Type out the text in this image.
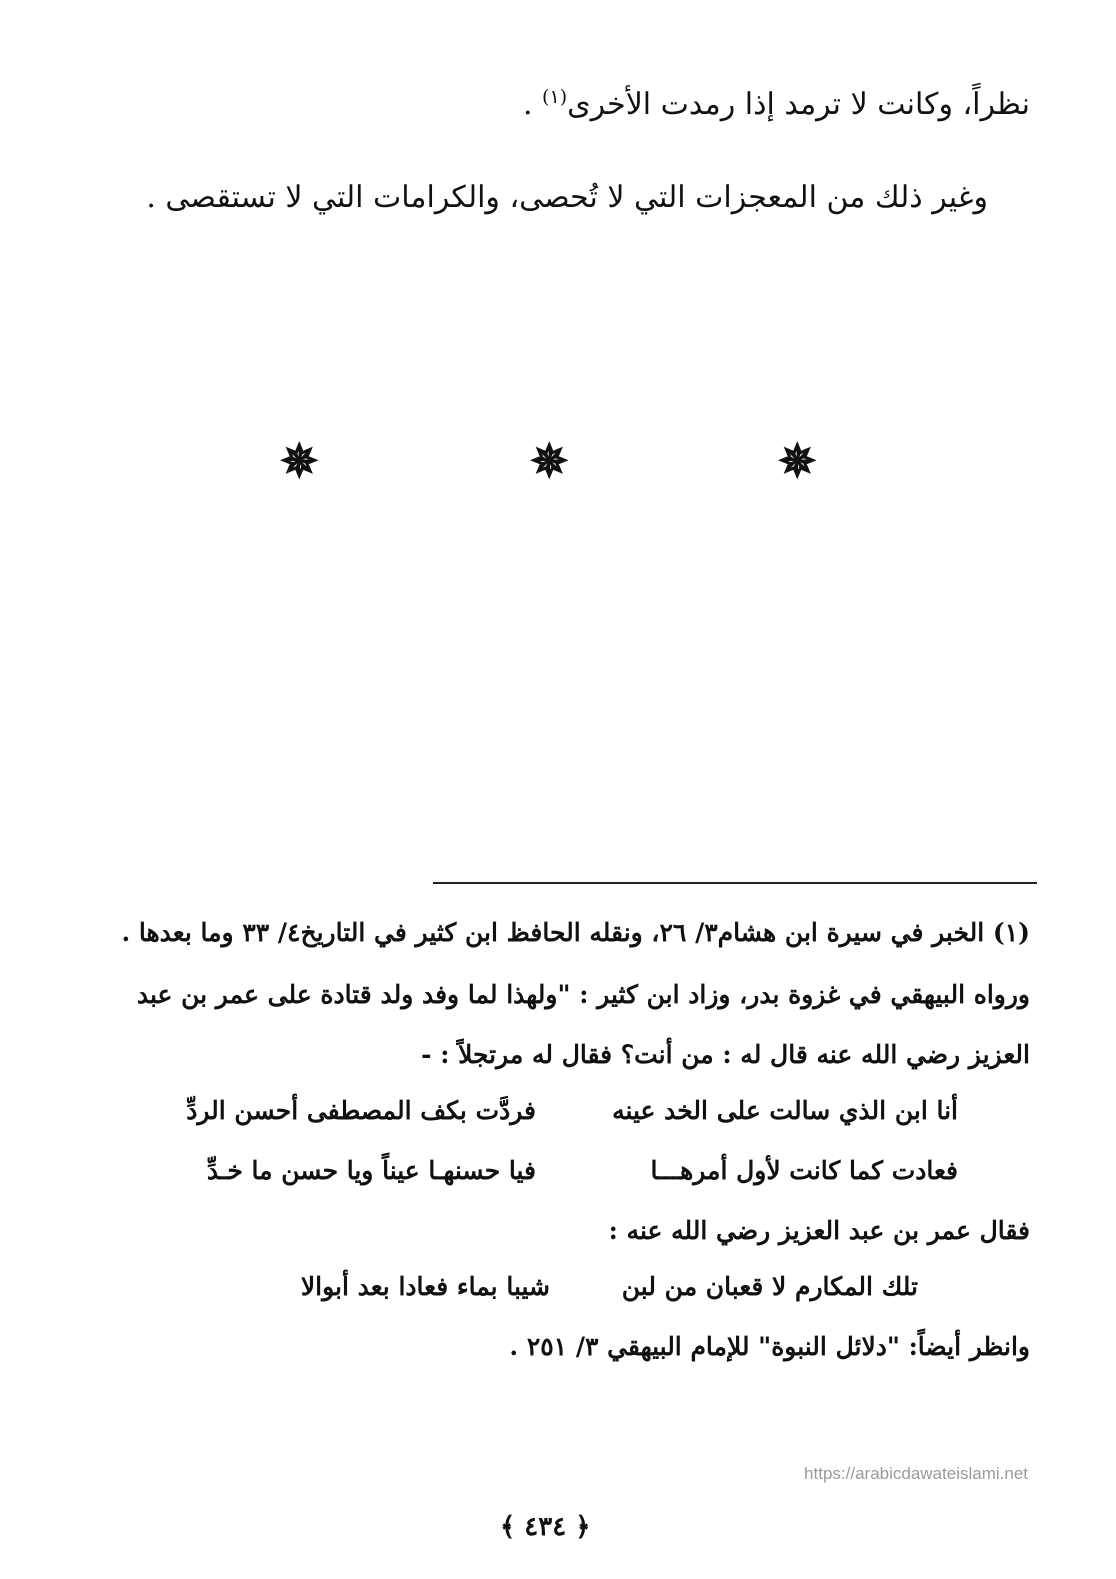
نظراً، وكانت لا ترمد إذا رمدت الأخرى$^{(١)}$ .
وغير ذلك من المعجزات التي لا تُحصى، والكرامات التي لا تستقصى .
✵
✵
✵
(١) الخبر في سيرة ابن هشام٣/ ٢٦، ونقله الحافظ ابن كثير في التاريخ٤/ ٣٣ وما بعدها .
ورواه البيهقي في غزوة بدر، وزاد ابن كثير : "ولهذا لما وفد ولد قتادة على عمر بن عبد
العزيز رضي الله عنه قال له : من أنت؟ فقال له مرتجلاً : -
أنا ابن الذي سالت على الخد عينه
فردَّت بكف المصطفى أحسن الردِّ
فعادت كما كانت لأول أمرهـــا
فيا حسنهـا عيناً ويا حسن ما خـدِّ
فقال عمر بن عبد العزيز رضي الله عنه :
تلك المكارم لا قعبان من لبن
شيبا بماء فعادا بعد أبوالا
وانظر أيضاً: "دلائل النبوة" للإمام البيهقي ٣/ ٢٥١ .
https://arabicdawateislami.net
﴿ ٤٣٤ ﴾
